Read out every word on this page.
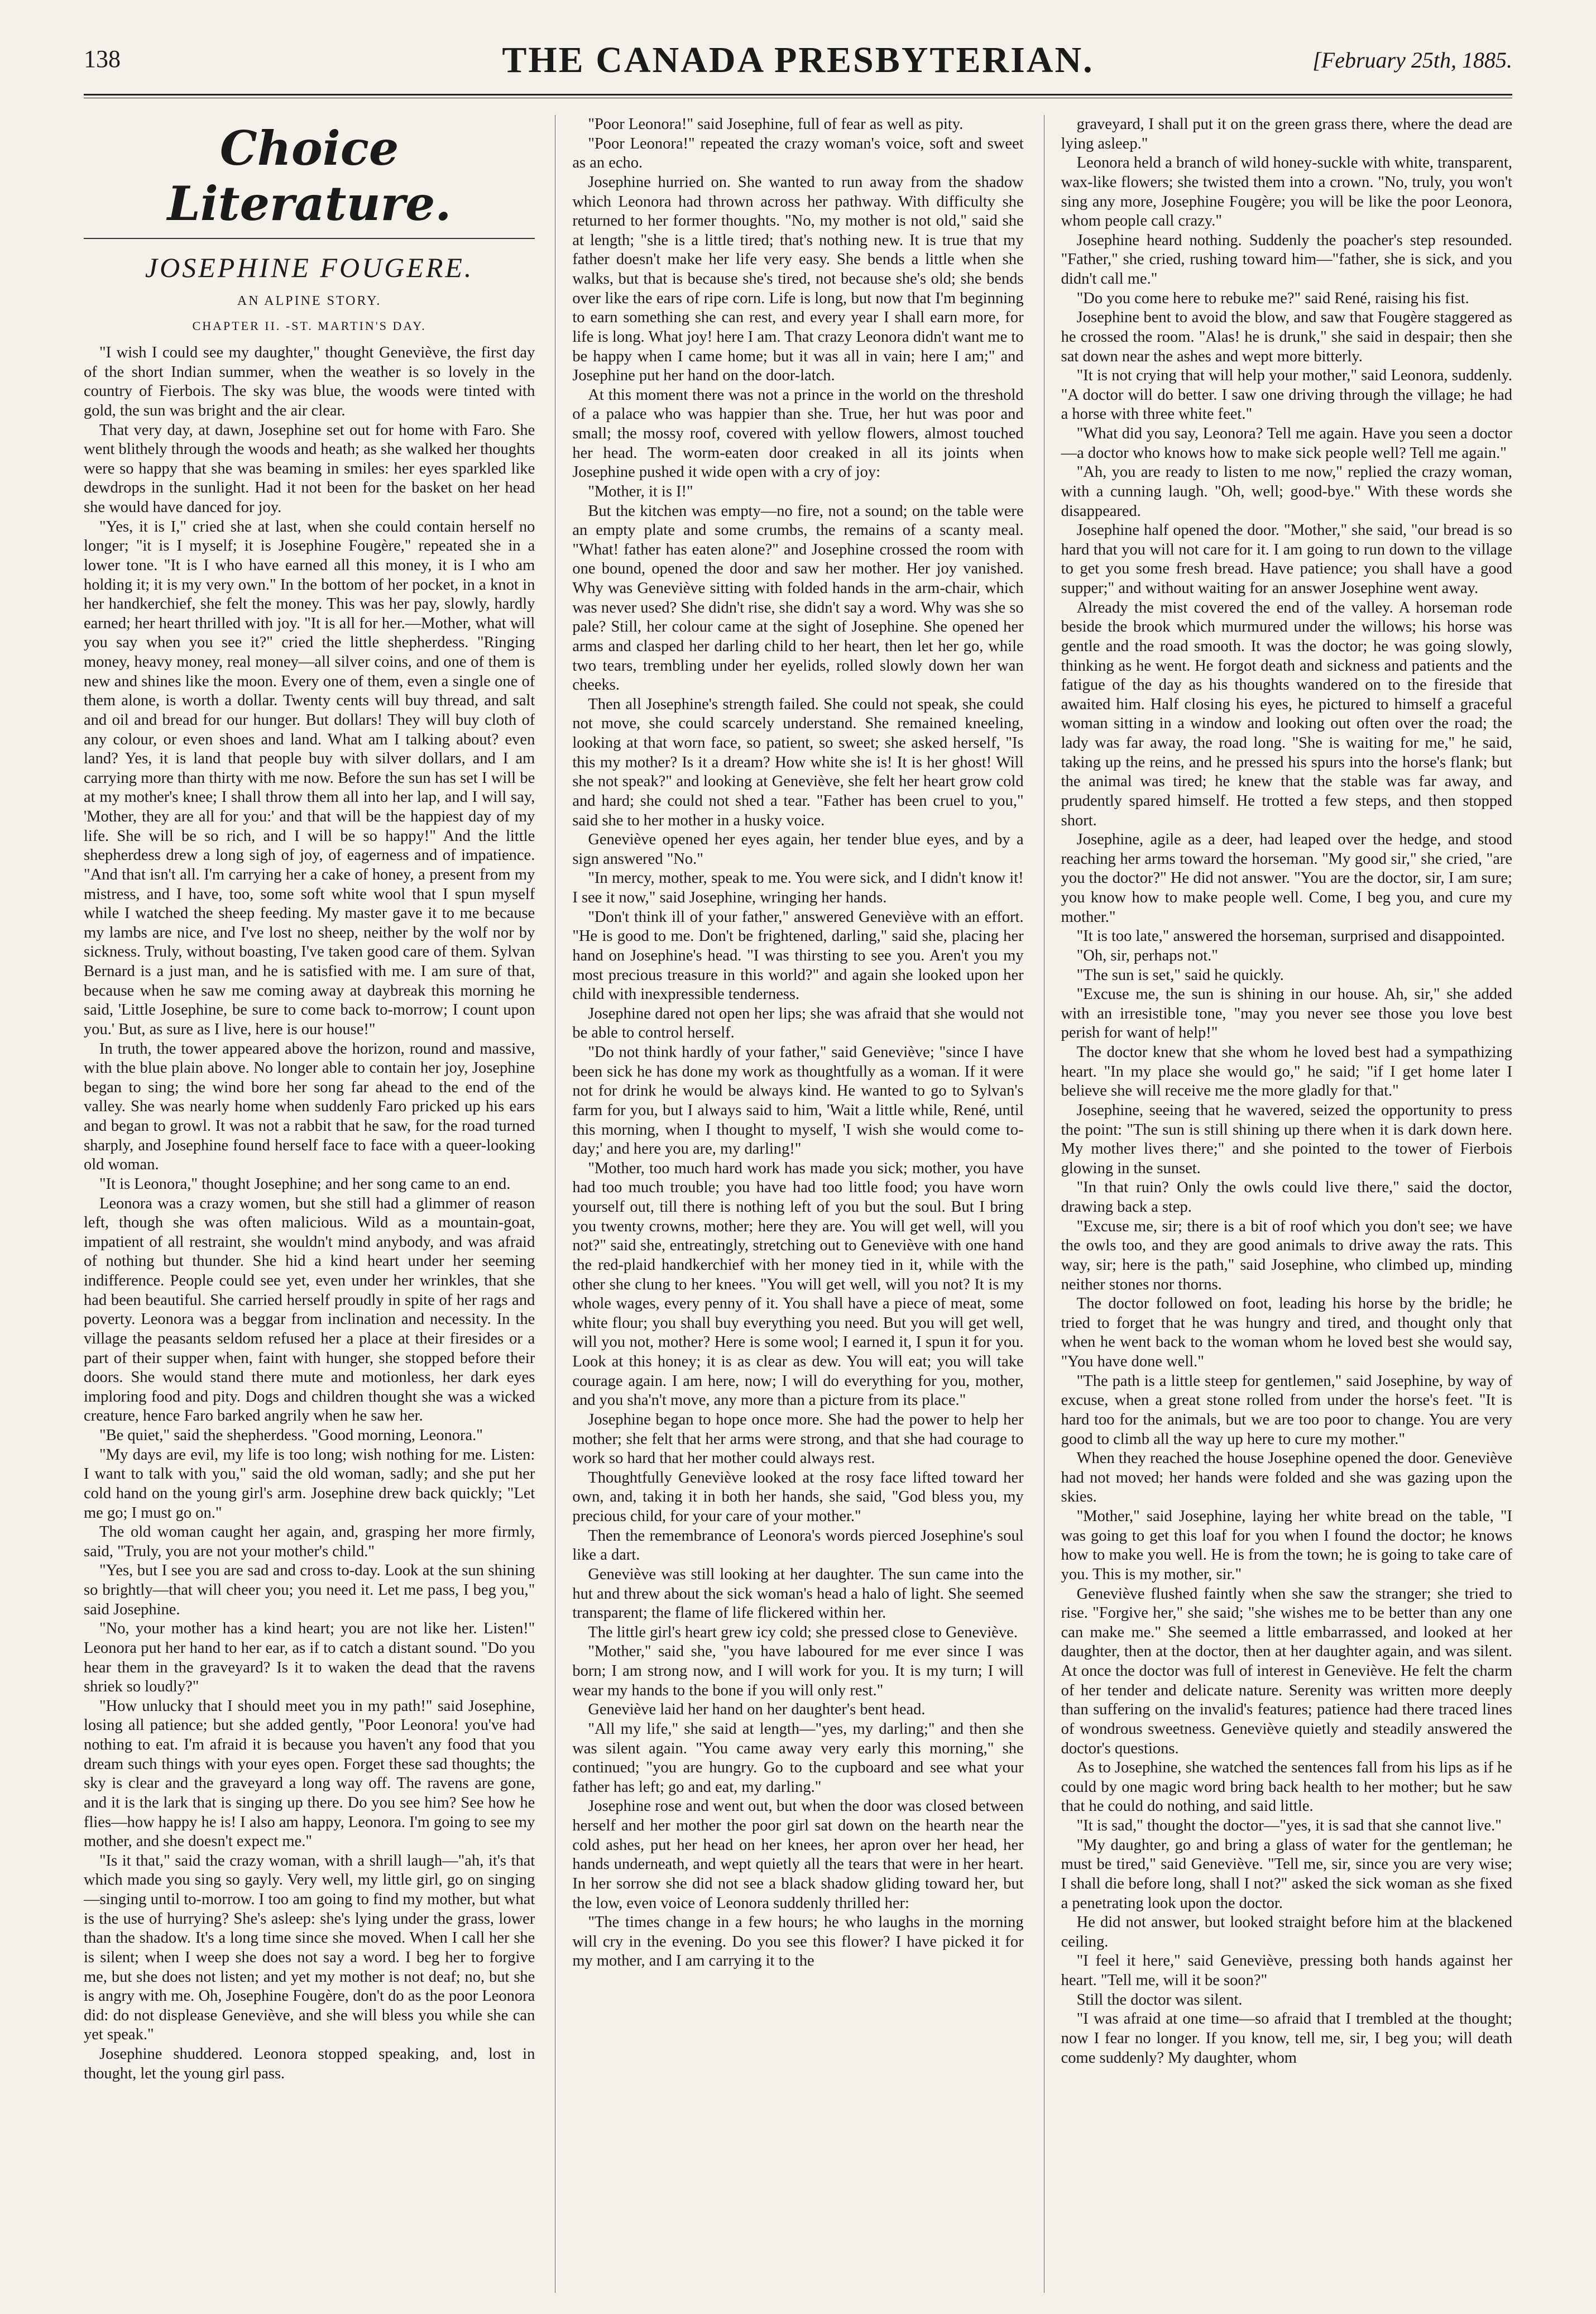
138	THE CANADA PRESBYTERIAN.	[February 25th, 1885.
Choice Literature.
JOSEPHINE FOUGERE.
AN ALPINE STORY.
CHAPTER II. -ST. MARTIN'S DAY.

"I wish I could see my daughter," thought Geneviève, the first day of the short Indian summer, when the weather is so lovely in the country of Fierbois. The sky was blue, the woods were tinted with gold, the sun was bright and the air clear.

That very day, at dawn, Josephine set out for home with Faro. She went blithely through the woods and heath; as she walked her thoughts were so happy that she was beaming in smiles: her eyes sparkled like dewdrops in the sunlight. Had it not been for the basket on her head she would have danced for joy.

"Yes, it is I," cried she at last, when she could contain herself no longer; "it is I myself; it is Josephine Fougère," repeated she in a lower tone. "It is I who have earned all this money, it is I who am holding it; it is my very own." In the bottom of her pocket, in a knot in her handkerchief, she felt the money. This was her pay, slowly, hardly earned; her heart thrilled with joy. "It is all for her.—Mother, what will you say when you see it?" cried the little shepherdess. "Ringing money, heavy money, real money—all silver coins, and one of them is new and shines like the moon. Every one of them, even a single one of them alone, is worth a dollar. Twenty cents will buy thread, and salt and oil and bread for our hunger. But dollars! They will buy cloth of any colour, or even shoes and land. What am I talking about? even land? Yes, it is land that people buy with silver dollars, and I am carrying more than thirty with me now. Before the sun has set I will be at my mother's knee; I shall throw them all into her lap, and I will say, 'Mother, they are all for you:' and that will be the happiest day of my life. She will be so rich, and I will be so happy!" And the little shepherdess drew a long sigh of joy, of eagerness and of impatience. "And that isn't all. I'm carrying her a cake of honey, a present from my mistress, and I have, too, some soft white wool that I spun myself while I watched the sheep feeding. My master gave it to me because my lambs are nice, and I've lost no sheep, neither by the wolf nor by sickness. Truly, without boasting, I've taken good care of them. Sylvan Bernard is a just man, and he is satisfied with me. I am sure of that, because when he saw me coming away at daybreak this morning he said, 'Little Josephine, be sure to come back to-morrow; I count upon you.' But, as sure as I live, here is our house!"

In truth, the tower appeared above the horizon, round and massive, with the blue plain above. No longer able to contain her joy, Josephine began to sing; the wind bore her song far ahead to the end of the valley. She was nearly home when suddenly Faro pricked up his ears and began to growl. It was not a rabbit that he saw, for the road turned sharply, and Josephine found herself face to face with a queer-looking old woman.

"It is Leonora," thought Josephine; and her song came to an end.

Leonora was a crazy women, but she still had a glimmer of reason left, though she was often malicious. Wild as a mountain-goat, impatient of all restraint, she wouldn't mind anybody, and was afraid of nothing but thunder. She hid a kind heart under her seeming indifference. People could see yet, even under her wrinkles, that she had been beautiful. She carried herself proudly in spite of her rags and poverty. Leonora was a beggar from inclination and necessity. In the village the peasants seldom refused her a place at their firesides or a part of their supper when, faint with hunger, she stopped before their doors. She would stand there mute and motionless, her dark eyes imploring food and pity. Dogs and children thought she was a wicked creature, hence Faro barked angrily when he saw her.

"Be quiet," said the shepherdess. "Good morning, Leonora."

"My days are evil, my life is too long; wish nothing for me. Listen: I want to talk with you," said the old woman, sadly; and she put her cold hand on the young girl's arm. Josephine drew back quickly; "Let me go; I must go on."

The old woman caught her again, and, grasping her more firmly, said, "Truly, you are not your mother's child."

"Yes, but I see you are sad and cross to-day. Look at the sun shining so brightly—that will cheer you; you need it. Let me pass, I beg you," said Josephine.

"No, your mother has a kind heart; you are not like her. Listen!" Leonora put her hand to her ear, as if to catch a distant sound. "Do you hear them in the graveyard? Is it to waken the dead that the ravens shriek so loudly?"

"How unlucky that I should meet you in my path!" said Josephine, losing all patience; but she added gently, "Poor Leonora! you've had nothing to eat. I'm afraid it is because you haven't any food that you dream such things with your eyes open. Forget these sad thoughts; the sky is clear and the graveyard a long way off. The ravens are gone, and it is the lark that is singing up there. Do you see him? See how he flies—how happy he is! I also am happy, Leonora. I'm going to see my mother, and she doesn't expect me."

"Is it that," said the crazy woman, with a shrill laugh—"ah, it's that which made you sing so gayly. Very well, my little girl, go on singing—singing until to-morrow. I too am going to find my mother, but what is the use of hurrying? She's asleep: she's lying under the grass, lower than the shadow. It's a long time since she moved. When I call her she is silent; when I weep she does not say a word. I beg her to forgive me, but she does not listen; and yet my mother is not deaf; no, but she is angry with me. Oh, Josephine Fougère, don't do as the poor Leonora did: do not displease Geneviève, and she will bless you while she can yet speak."

Josephine shuddered. Leonora stopped speaking, and, lost in thought, let the young girl pass.

"Poor Leonora!" said Josephine, full of fear as well as pity.

"Poor Leonora!" repeated the crazy woman's voice, soft and sweet as an echo.

Josephine hurried on. She wanted to run away from the shadow which Leonora had thrown across her pathway. With difficulty she returned to her former thoughts. "No, my mother is not old," said she at length; "she is a little tired; that's nothing new. It is true that my father doesn't make her life very easy. She bends a little when she walks, but that is because she's tired, not because she's old; she bends over like the ears of ripe corn. Life is long, but now that I'm beginning to earn something she can rest, and every year I shall earn more, for life is long. What joy! here I am. That crazy Leonora didn't want me to be happy when I came home; but it was all in vain; here I am;" and Josephine put her hand on the door-latch.

At this moment there was not a prince in the world on the threshold of a palace who was happier than she. True, her hut was poor and small; the mossy roof, covered with yellow flowers, almost touched her head. The worm-eaten door creaked in all its joints when Josephine pushed it wide open with a cry of joy:

"Mother, it is I!"

But the kitchen was empty—no fire, not a sound; on the table were an empty plate and some crumbs, the remains of a scanty meal. "What! father has eaten alone?" and Josephine crossed the room with one bound, opened the door and saw her mother. Her joy vanished. Why was Geneviève sitting with folded hands in the arm-chair, which was never used? She didn't rise, she didn't say a word. Why was she so pale? Still, her colour came at the sight of Josephine. She opened her arms and clasped her darling child to her heart, then let her go, while two tears, trembling under her eyelids, rolled slowly down her wan cheeks.

Then all Josephine's strength failed. She could not speak, she could not move, she could scarcely understand. She remained kneeling, looking at that worn face, so patient, so sweet; she asked herself, "Is this my mother? Is it a dream? How white she is! It is her ghost! Will she not speak?" and looking at Geneviève, she felt her heart grow cold and hard; she could not shed a tear. "Father has been cruel to you," said she to her mother in a husky voice.

Geneviève opened her eyes again, her tender blue eyes, and by a sign answered "No."

"In mercy, mother, speak to me. You were sick, and I didn't know it! I see it now," said Josephine, wringing her hands.

"Don't think ill of your father," answered Geneviève with an effort. "He is good to me. Don't be frightened, darling," said she, placing her hand on Josephine's head. "I was thirsting to see you. Aren't you my most precious treasure in this world?" and again she looked upon her child with inexpressible tenderness.

Josephine dared not open her lips; she was afraid that she would not be able to control herself.

"Do not think hardly of your father," said Geneviève; "since I have been sick he has done my work as thoughtfully as a woman. If it were not for drink he would be always kind. He wanted to go to Sylvan's farm for you, but I always said to him, 'Wait a little while, René, until this morning, when I thought to myself, 'I wish she would come to-day;' and here you are, my darling!"

"Mother, too much hard work has made you sick; mother, you have had too much trouble; you have had too little food; you have worn yourself out, till there is nothing left of you but the soul. But I bring you twenty crowns, mother; here they are. You will get well, will you not?" said she, entreatingly, stretching out to Geneviève with one hand the red-plaid handkerchief with her money tied in it, while with the other she clung to her knees. "You will get well, will you not? It is my whole wages, every penny of it. You shall have a piece of meat, some white flour; you shall buy everything you need. But you will get well, will you not, mother? Here is some wool; I earned it, I spun it for you. Look at this honey; it is as clear as dew. You will eat; you will take courage again. I am here, now; I will do everything for you, mother, and you sha'n't move, any more than a picture from its place."

Josephine began to hope once more. She had the power to help her mother; she felt that her arms were strong, and that she had courage to work so hard that her mother could always rest.

Thoughtfully Geneviève looked at the rosy face lifted toward her own, and, taking it in both her hands, she said, "God bless you, my precious child, for your care of your mother."

Then the remembrance of Leonora's words pierced Josephine's soul like a dart.

Geneviève was still looking at her daughter. The sun came into the hut and threw about the sick woman's head a halo of light. She seemed transparent; the flame of life flickered within her.

The little girl's heart grew icy cold; she pressed close to Geneviève.

"Mother," said she, "you have laboured for me ever since I was born; I am strong now, and I will work for you. It is my turn; I will wear my hands to the bone if you will only rest."

Geneviève laid her hand on her daughter's bent head.

"All my life," she said at length—"yes, my darling;" and then she was silent again. "You came away very early this morning," she continued; "you are hungry. Go to the cupboard and see what your father has left; go and eat, my darling."

Josephine rose and went out, but when the door was closed between herself and her mother the poor girl sat down on the hearth near the cold ashes, put her head on her knees, her apron over her head, her hands underneath, and wept quietly all the tears that were in her heart. In her sorrow she did not see a black shadow gliding toward her, but the low, even voice of Leonora suddenly thrilled her:

"The times change in a few hours; he who laughs in the morning will cry in the evening. Do you see this flower? I have picked it for my mother, and I am carrying it to the

graveyard, I shall put it on the green grass there, where the dead are lying asleep."

Leonora held a branch of wild honey-suckle with white, transparent, wax-like flowers; she twisted them into a crown. "No, truly, you won't sing any more, Josephine Fougère; you will be like the poor Leonora, whom people call crazy."

Josephine heard nothing. Suddenly the poacher's step resounded. "Father," she cried, rushing toward him—"father, she is sick, and you didn't call me."

"Do you come here to rebuke me?" said René, raising his fist.

Josephine bent to avoid the blow, and saw that Fougère staggered as he crossed the room. "Alas! he is drunk," she said in despair; then she sat down near the ashes and wept more bitterly.

"It is not crying that will help your mother," said Leonora, suddenly. "A doctor will do better. I saw one driving through the village; he had a horse with three white feet."

"What did you say, Leonora? Tell me again. Have you seen a doctor—a doctor who knows how to make sick people well? Tell me again."

"Ah, you are ready to listen to me now," replied the crazy woman, with a cunning laugh. "Oh, well; good-bye." With these words she disappeared.

Josephine half opened the door. "Mother," she said, "our bread is so hard that you will not care for it. I am going to run down to the village to get you some fresh bread. Have patience; you shall have a good supper;" and without waiting for an answer Josephine went away.

Already the mist covered the end of the valley. A horseman rode beside the brook which murmured under the willows; his horse was gentle and the road smooth. It was the doctor; he was going slowly, thinking as he went. He forgot death and sickness and patients and the fatigue of the day as his thoughts wandered on to the fireside that awaited him. Half closing his eyes, he pictured to himself a graceful woman sitting in a window and looking out often over the road; the lady was far away, the road long. "She is waiting for me," he said, taking up the reins, and he pressed his spurs into the horse's flank; but the animal was tired; he knew that the stable was far away, and prudently spared himself. He trotted a few steps, and then stopped short.

Josephine, agile as a deer, had leaped over the hedge, and stood reaching her arms toward the horseman. "My good sir," she cried, "are you the doctor?" He did not answer. "You are the doctor, sir, I am sure; you know how to make people well. Come, I beg you, and cure my mother."

"It is too late," answered the horseman, surprised and disappointed.

"Oh, sir, perhaps not."

"The sun is set," said he quickly.

"Excuse me, the sun is shining in our house. Ah, sir," she added with an irresistible tone, "may you never see those you love best perish for want of help!"

The doctor knew that she whom he loved best had a sympathizing heart. "In my place she would go," he said; "if I get home later I believe she will receive me the more gladly for that."

Josephine, seeing that he wavered, seized the opportunity to press the point: "The sun is still shining up there when it is dark down here. My mother lives there;" and she pointed to the tower of Fierbois glowing in the sunset.

"In that ruin? Only the owls could live there," said the doctor, drawing back a step.

"Excuse me, sir; there is a bit of roof which you don't see; we have the owls too, and they are good animals to drive away the rats. This way, sir; here is the path," said Josephine, who climbed up, minding neither stones nor thorns.

The doctor followed on foot, leading his horse by the bridle; he tried to forget that he was hungry and tired, and thought only that when he went back to the woman whom he loved best she would say, "You have done well."

"The path is a little steep for gentlemen," said Josephine, by way of excuse, when a great stone rolled from under the horse's feet. "It is hard too for the animals, but we are too poor to change. You are very good to climb all the way up here to cure my mother."

When they reached the house Josephine opened the door. Geneviève had not moved; her hands were folded and she was gazing upon the skies.

"Mother," said Josephine, laying her white bread on the table, "I was going to get this loaf for you when I found the doctor; he knows how to make you well. He is from the town; he is going to take care of you. This is my mother, sir."

Geneviève flushed faintly when she saw the stranger; she tried to rise. "Forgive her," she said; "she wishes me to be better than any one can make me." She seemed a little embarrassed, and looked at her daughter, then at the doctor, then at her daughter again, and was silent. At once the doctor was full of interest in Geneviève. He felt the charm of her tender and delicate nature. Serenity was written more deeply than suffering on the invalid's features; patience had there traced lines of wondrous sweetness. Geneviève quietly and steadily answered the doctor's questions.

As to Josephine, she watched the sentences fall from his lips as if he could by one magic word bring back health to her mother; but he saw that he could do nothing, and said little.

"It is sad," thought the doctor—"yes, it is sad that she cannot live."

"My daughter, go and bring a glass of water for the gentleman; he must be tired," said Geneviève. "Tell me, sir, since you are very wise; I shall die before long, shall I not?" asked the sick woman as she fixed a penetrating look upon the doctor.

He did not answer, but looked straight before him at the blackened ceiling.

"I feel it here," said Geneviève, pressing both hands against her heart. "Tell me, will it be soon?"

Still the doctor was silent.

"I was afraid at one time—so afraid that I trembled at the thought; now I fear no longer. If you know, tell me, sir, I beg you; will death come suddenly? My daughter, whom
